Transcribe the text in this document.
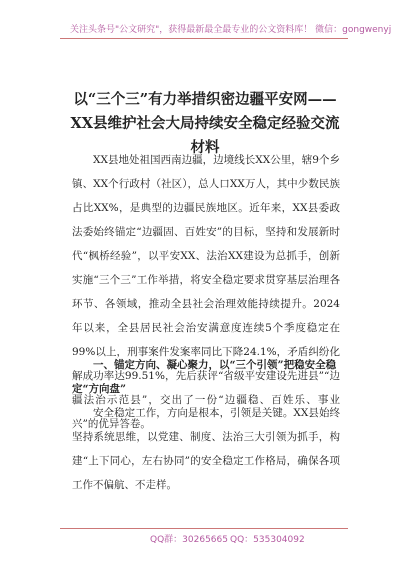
关注头条号"公文研究"，获得最新最全最专业的公文资料库！ 微信：gongwenyj
以“三个三”有力举措织密边疆平安网——XX县维护社会大局持续安全稳定经验交流材料
XX县地处祖国西南边疆，边境线长XX公里，辖9个乡镇、XX个行政村（社区），总人口XX万人，其中少数民族占比XX%，是典型的边疆民族地区。近年来，XX县委政法委始终锚定“边疆固、百姓安”的目标，坚持和发展新时代“枫桥经验”，以平安XX、法治XX建设为总抓手，创新实施“三个三”工作举措，将安全稳定要求贯穿基层治理各环节、各领域，推动全县社会治理效能持续提升。2024年以来，全县居民社会治安满意度连续5个季度稳定在99%以上，刑事案件发案率同比下降24.1%，矛盾纠纷化解成功率达99.51%，先后获评“省级平安建设先进县”“边疆法治示范县”，交出了一份“边疆稳、百姓乐、事业兴”的优异答卷。
一、锚定方向、凝心聚力，以“三个引领”把稳安全稳定“方向盘”
安全稳定工作，方向是根本，引领是关键。XX县始终坚持系统思维，以党建、制度、法治三大引领为抓手，构建“上下同心，左右协同”的安全稳定工作格局，确保各项工作不偏航、不走样。
QQ群：30265665 QQ：535304092
